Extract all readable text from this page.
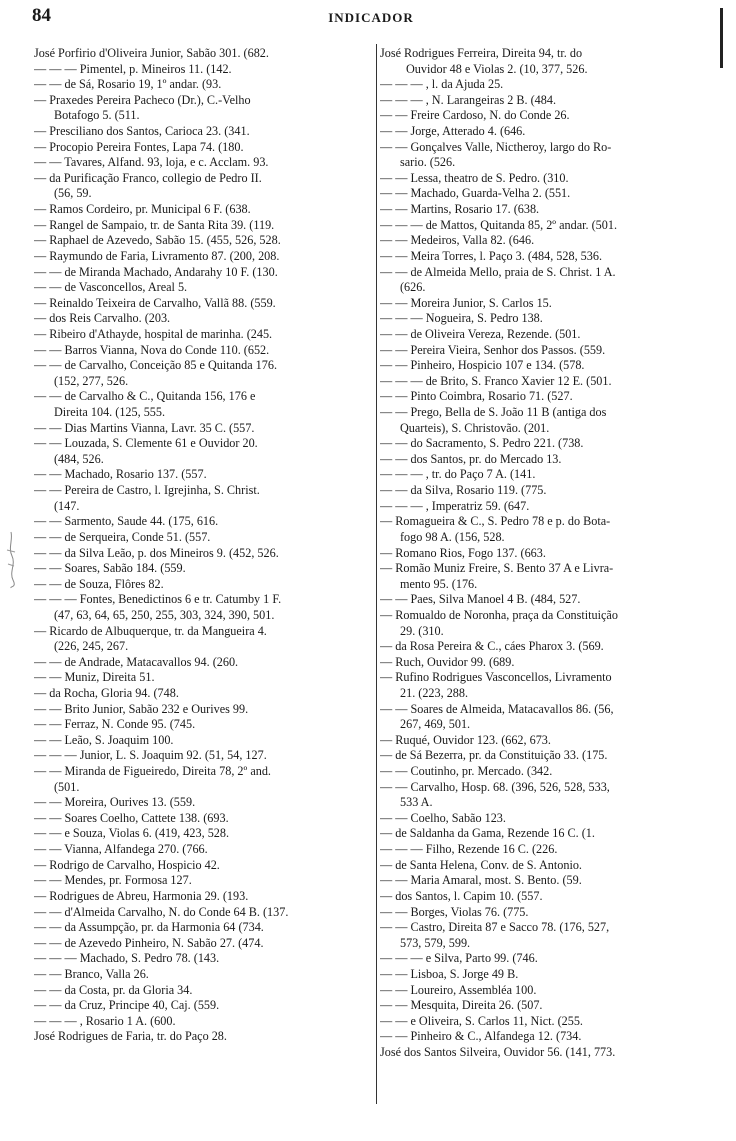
84	INDICADOR
José Porfirio d'Oliveira Junior, Sabão 301. (682.
— — — Pimentel, p. Mineiros 11. (142.
— — de Sá, Rosario 19, 1º andar. (93.
— Praxedes Pereira Pacheco (Dr.), C.-Velho
Botafogo 5. (511.
— Presciliano dos Santos, Carioca 23. (341.
— Procopio Pereira Fontes, Lapa 74. (180.
— — Tavares, Alfand. 93, loja, e c. Acclam. 93.
— da Purificação Franco, collegio de Pedro II.
(56, 59.
— Ramos Cordeiro, pr. Municipal 6 F. (638.
— Rangel de Sampaio, tr. de Santa Rita 39. (119.
— Raphael de Azevedo, Sabão 15. (455, 526, 528.
— Raymundo de Faria, Livramento 87. (200, 208.
— — de Miranda Machado, Andarahy 10 F. (130.
— — de Vasconcellos, Areal 5.
— Reinaldo Teixeira de Carvalho, Vallã 88. (559.
— dos Reis Carvalho. (203.
— Ribeiro d'Athayde, hospital de marinha. (245.
— — Barros Vianna, Nova do Conde 110. (652.
— — de Carvalho, Conceição 85 e Quitanda 176.
(152, 277, 526.
— — de Carvalho & C., Quitanda 156, 176 e
Direita 104. (125, 555.
— — Dias Martins Vianna, Lavr. 35 C. (557.
— — Louzada, S. Clemente 61 e Ouvidor 20.
(484, 526.
— — Machado, Rosario 137. (557.
— — Pereira de Castro, l. Igrejinha, S. Christ.
(147.
— — Sarmento, Saude 44. (175, 616.
— — de Serqueira, Conde 51. (557.
— — da Silva Leão, p. dos Mineiros 9. (452, 526.
— — Soares, Sabão 184. (559.
— — de Souza, Flôres 82.
— — — Fontes, Benedictinos 6 e tr. Catumby 1 F.
(47, 63, 64, 65, 250, 255, 303, 324, 390, 501.
— Ricardo de Albuquerque, tr. da Mangueira 4.
(226, 245, 267.
— — de Andrade, Matacavallos 94. (260.
— — Muniz, Direita 51.
— da Rocha, Gloria 94. (748.
— — Brito Junior, Sabão 232 e Ourives 99.
— — Ferraz, N. Conde 95. (745.
— — Leão, S. Joaquim 100.
— — — Junior, L. S. Joaquim 92. (51, 54, 127.
— — Miranda de Figueiredo, Direita 78, 2º and.
(501.
— — Moreira, Ourives 13. (559.
— — Soares Coelho, Cattete 138. (693.
— — e Souza, Violas 6. (419, 423, 528.
— — Vianna, Alfandega 270. (766.
— Rodrigo de Carvalho, Hospicio 42.
— — Mendes, pr. Formosa 127.
— Rodrigues de Abreu, Harmonia 29. (193.
— — d'Almeida Carvalho, N. do Conde 64 B. (137.
— — da Assumpção, pr. da Harmonia 64 (734.
— — de Azevedo Pinheiro, N. Sabão 27. (474.
— — — Machado, S. Pedro 78. (143.
— — Branco, Valla 26.
— — da Costa, pr. da Gloria 34.
— — da Cruz, Principe 40, Caj. (559.
— — — , Rosario 1 A. (600.
José Rodrigues de Faria, tr. do Paço 28.
José Rodrigues Ferreira, Direita 94, tr. do
Ouvidor 48 e Violas 2. (10, 377, 526.
— — — , l. da Ajuda 25.
— — — , N. Larangeiras 2 B. (484.
— — Freire Cardoso, N. do Conde 26.
— — Jorge, Atterado 4. (646.
— — Gonçalves Valle, Nictheroy, largo do Ro-
sario. (526.
— — Lessa, theatro de S. Pedro. (310.
— — Machado, Guarda-Velha 2. (551.
— — Martins, Rosario 17. (638.
— — — de Mattos, Quitanda 85, 2º andar. (501.
— — Medeiros, Valla 82. (646.
— — Meira Torres, l. Paço 3. (484, 528, 536.
— — de Almeida Mello, praia de S. Christ. 1 A.
(626.
— — Moreira Junior, S. Carlos 15.
— — — Nogueira, S. Pedro 138.
— — de Oliveira Vereza, Rezende. (501.
— — Pereira Vieira, Senhor dos Passos. (559.
— — Pinheiro, Hospicio 107 e 134. (578.
— — — de Brito, S. Franco Xavier 12 E. (501.
— — Pinto Coimbra, Rosario 71. (527.
— — Prego, Bella de S. João 11 B (antiga dos
Quarteis), S. Christovão. (201.
— — do Sacramento, S. Pedro 221. (738.
— — dos Santos, pr. do Mercado 13.
— — — , tr. do Paço 7 A. (141.
— — da Silva, Rosario 119. (775.
— — — , Imperatriz 59. (647.
— Romagueira & C., S. Pedro 78 e p. do Bota-
fogo 98 A. (156, 528.
— Romano Rios, Fogo 137. (663.
— Romão Muniz Freire, S. Bento 37 A e Livra-
mento 95. (176.
— — Paes, Silva Manoel 4 B. (484, 527.
— Romualdo de Noronha, praça da Constituição
29. (310.
— da Rosa Pereira & C., cáes Pharox 3. (569.
— Ruch, Ouvidor 99. (689.
— Rufino Rodrigues Vasconcellos, Livramento
21. (223, 288.
— — Soares de Almeida, Matacavallos 86. (56,
267, 469, 501.
— Ruqué, Ouvidor 123. (662, 673.
— de Sá Bezerra, pr. da Constituição 33. (175.
— — Coutinho, pr. Mercado. (342.
— — Carvalho, Hosp. 68. (396, 526, 528, 533,
533 A.
— — Coelho, Sabão 123.
— de Saldanha da Gama, Rezende 16 C. (1.
— — — Filho, Rezende 16 C. (226.
— de Santa Helena, Conv. de S. Antonio.
— — Maria Amaral, most. S. Bento. (59.
— dos Santos, l. Capim 10. (557.
— — Borges, Violas 76. (775.
— — Castro, Direita 87 e Sacco 78. (176, 527,
573, 579, 599.
— — — e Silva, Parto 99. (746.
— — Lisboa, S. Jorge 49 B.
— — Loureiro, Assembléa 100.
— — Mesquita, Direita 26. (507.
— — e Oliveira, S. Carlos 11, Nict. (255.
— — Pinheiro & C., Alfandega 12. (734.
José dos Santos Silveira, Ouvidor 56. (141, 773.
